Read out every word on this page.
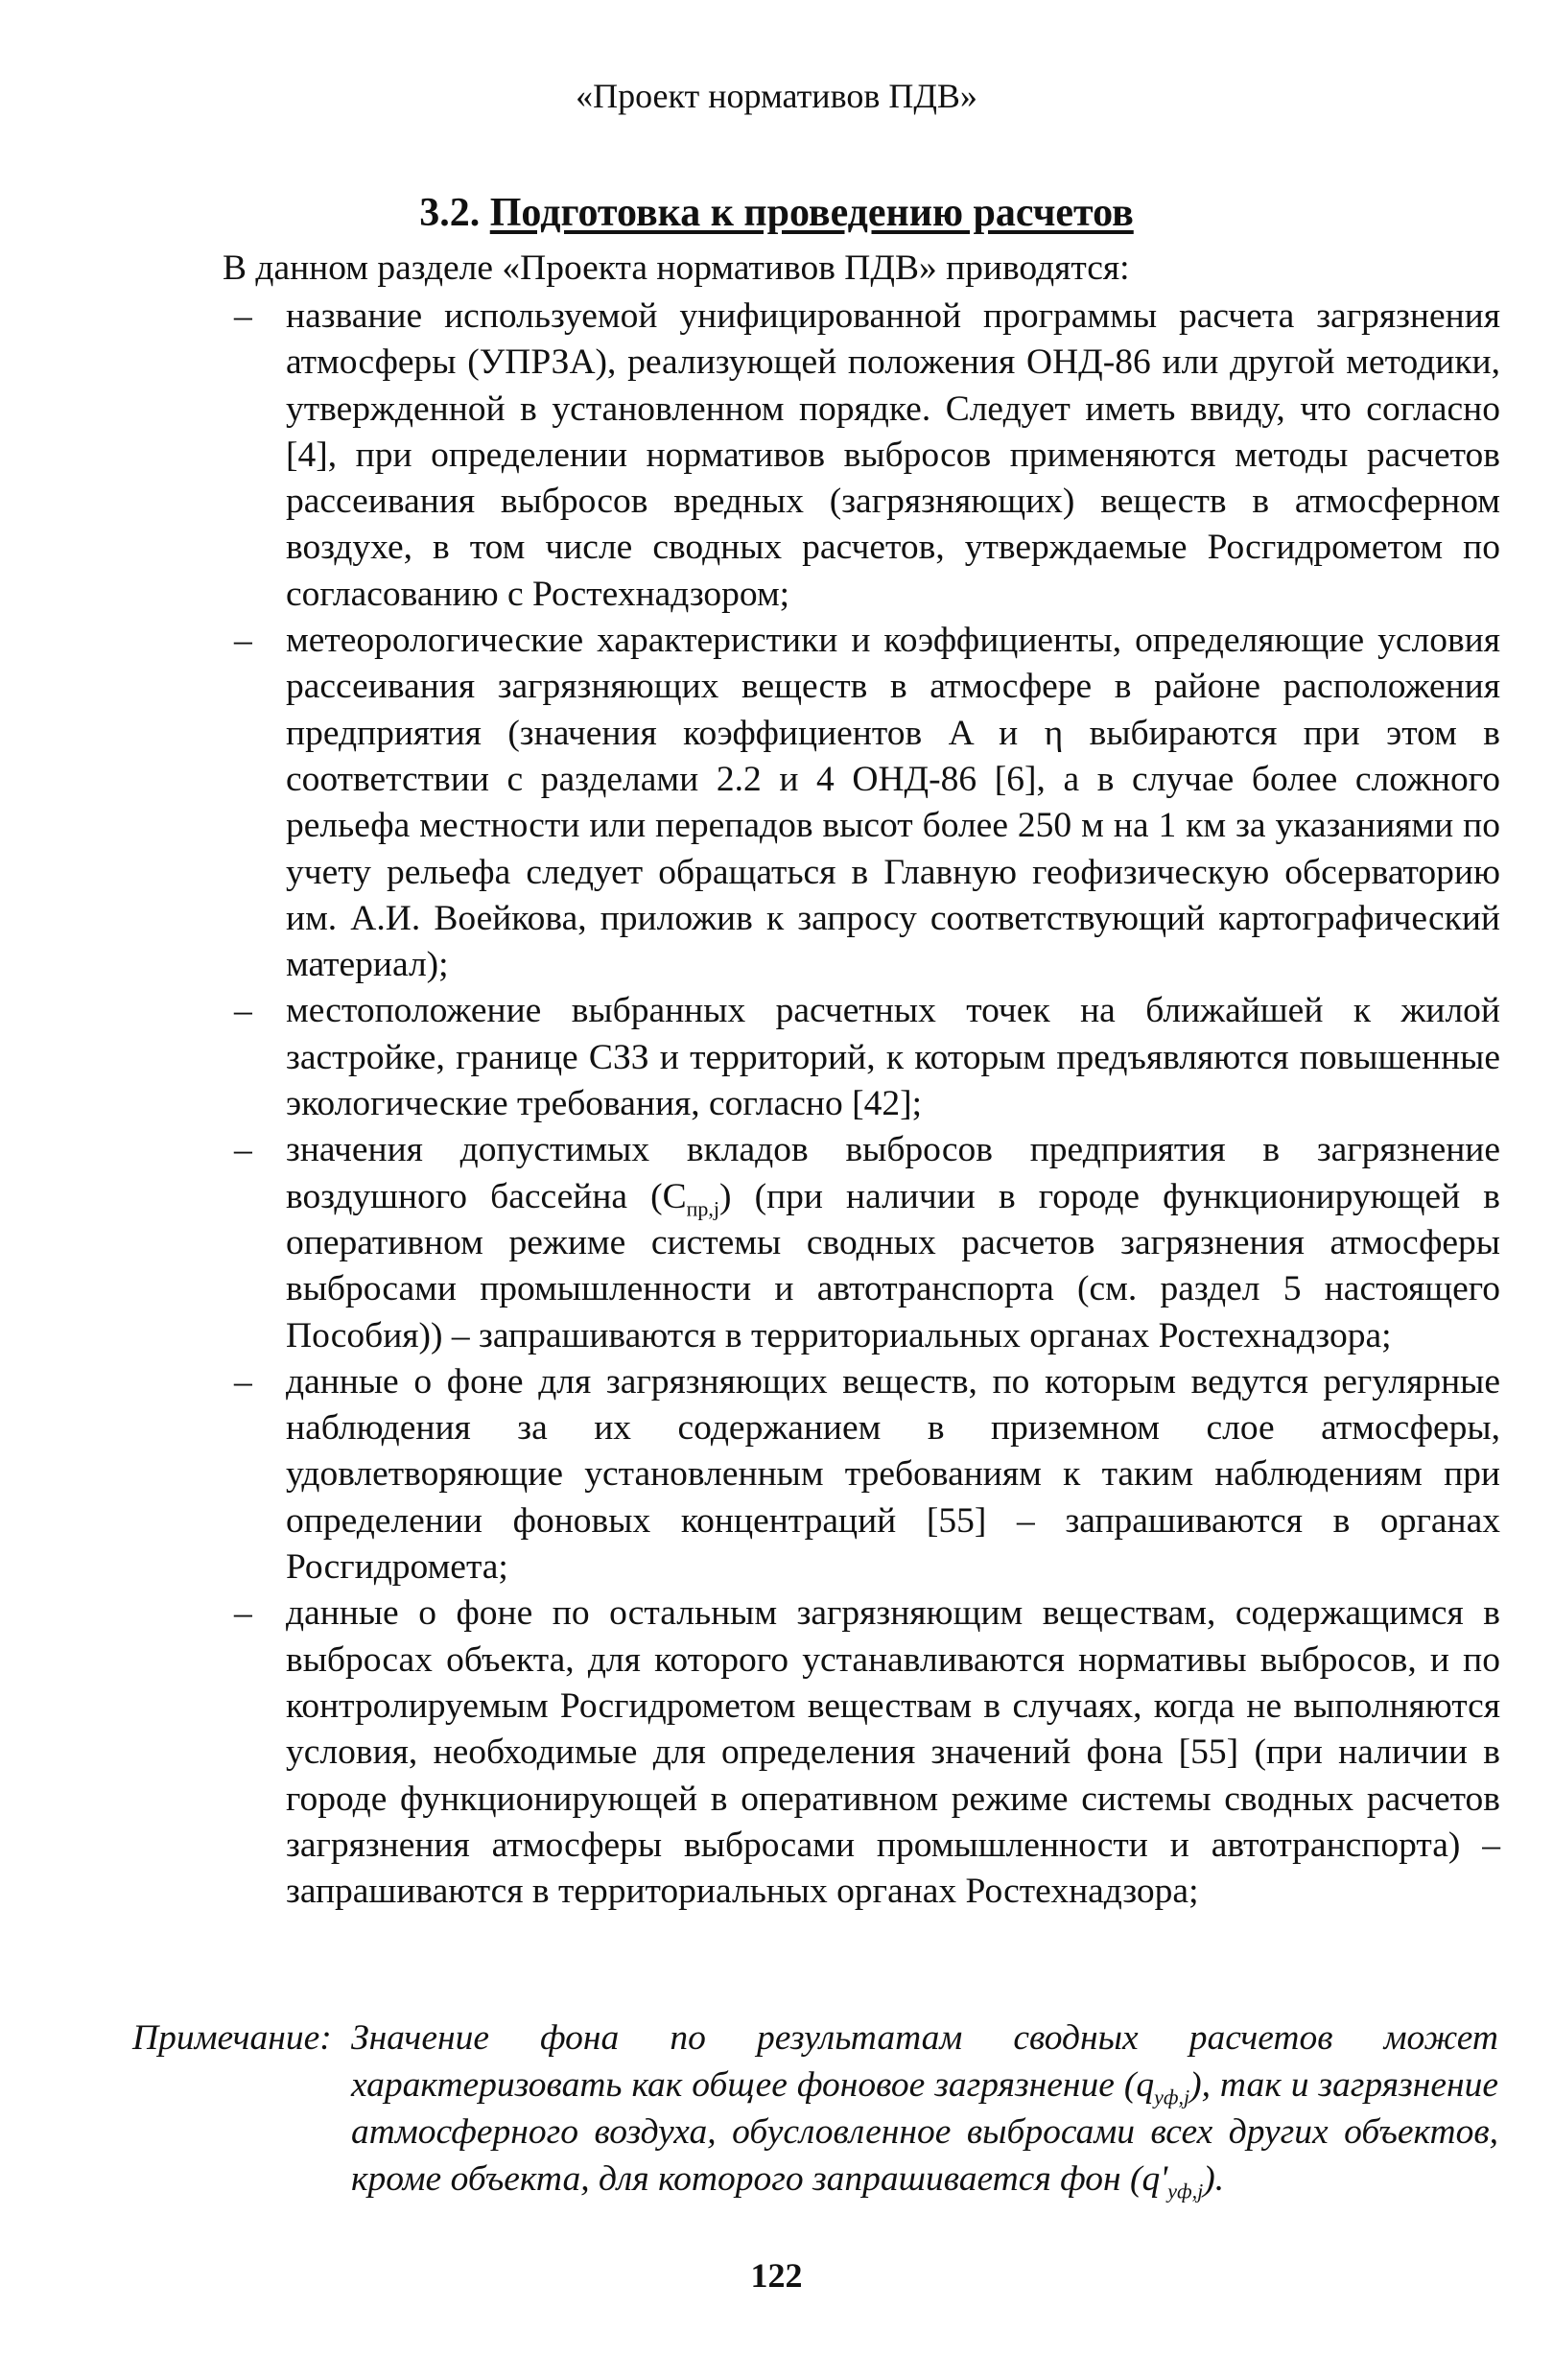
«Проект нормативов ПДВ»
3.2. Подготовка к проведению расчетов
В данном разделе «Проекта нормативов ПДВ» приводятся:
– название используемой унифицированной программы расчета загрязнения атмосферы (УПРЗА), реализующей положения ОНД-86 или другой методики, утвержденной в установленном порядке. Следует иметь ввиду, что согласно [4], при определении нормативов выбросов применяются методы расчетов рассеивания выбросов вредных (загрязняющих) веществ в атмосферном воздухе, в том числе сводных расчетов, утверждаемые Росгидрометом по согласованию с Ростехнадзором;
– метеорологические характеристики и коэффициенты, определяющие условия рассеивания загрязняющих веществ в атмосфере в районе расположения предприятия (значения коэффициентов A и η выбираются при этом в соответствии с разделами 2.2 и 4 ОНД-86 [6], а в случае более сложного рельефа местности или перепадов высот более 250 м на 1 км за указаниями по учету рельефа следует обращаться в Главную геофизическую обсерваторию им. А.И. Воейкова, приложив к запросу соответствующий картографический материал);
– местоположение выбранных расчетных точек на ближайшей к жилой застройке, границе СЗЗ и территорий, к которым предъявляются повышенные экологические требования, согласно [42];
– значения допустимых вкладов выбросов предприятия в загрязнение воздушного бассейна $(C_{пр,j})$ (при наличии в городе функционирующей в оперативном режиме системы сводных расчетов загрязнения атмосферы выбросами промышленности и автотранспорта (см. раздел 5 настоящего Пособия)) – запрашиваются в территориальных органах Ростехнадзора;
– данные о фоне для загрязняющих веществ, по которым ведутся регулярные наблюдения за их содержанием в приземном слое атмосферы, удовлетворяющие установленным требованиям к таким наблюдениям при определении фоновых концентраций [55] – запрашиваются в органах Росгидромета;
– данные о фоне по остальным загрязняющим веществам, содержащимся в выбросах объекта, для которого устанавливаются нормативы выбросов, и по контролируемым Росгидрометом веществам в случаях, когда не выполняются условия, необходимые для определения значений фона [55] (при наличии в городе функционирующей в оперативном режиме системы сводных расчетов загрязнения атмосферы выбросами промышленности и автотранспорта) – запрашиваются в территориальных органах Ростехнадзора;
Примечание: Значение фона по результатам сводных расчетов может характеризовать как общее фоновое загрязнение $(q_{уф,j})$, так и загрязнение атмосферного воздуха, обусловленное выбросами всех других объектов, кроме объекта, для которого запрашивается фон $(q'_{уф,j})$.
122
